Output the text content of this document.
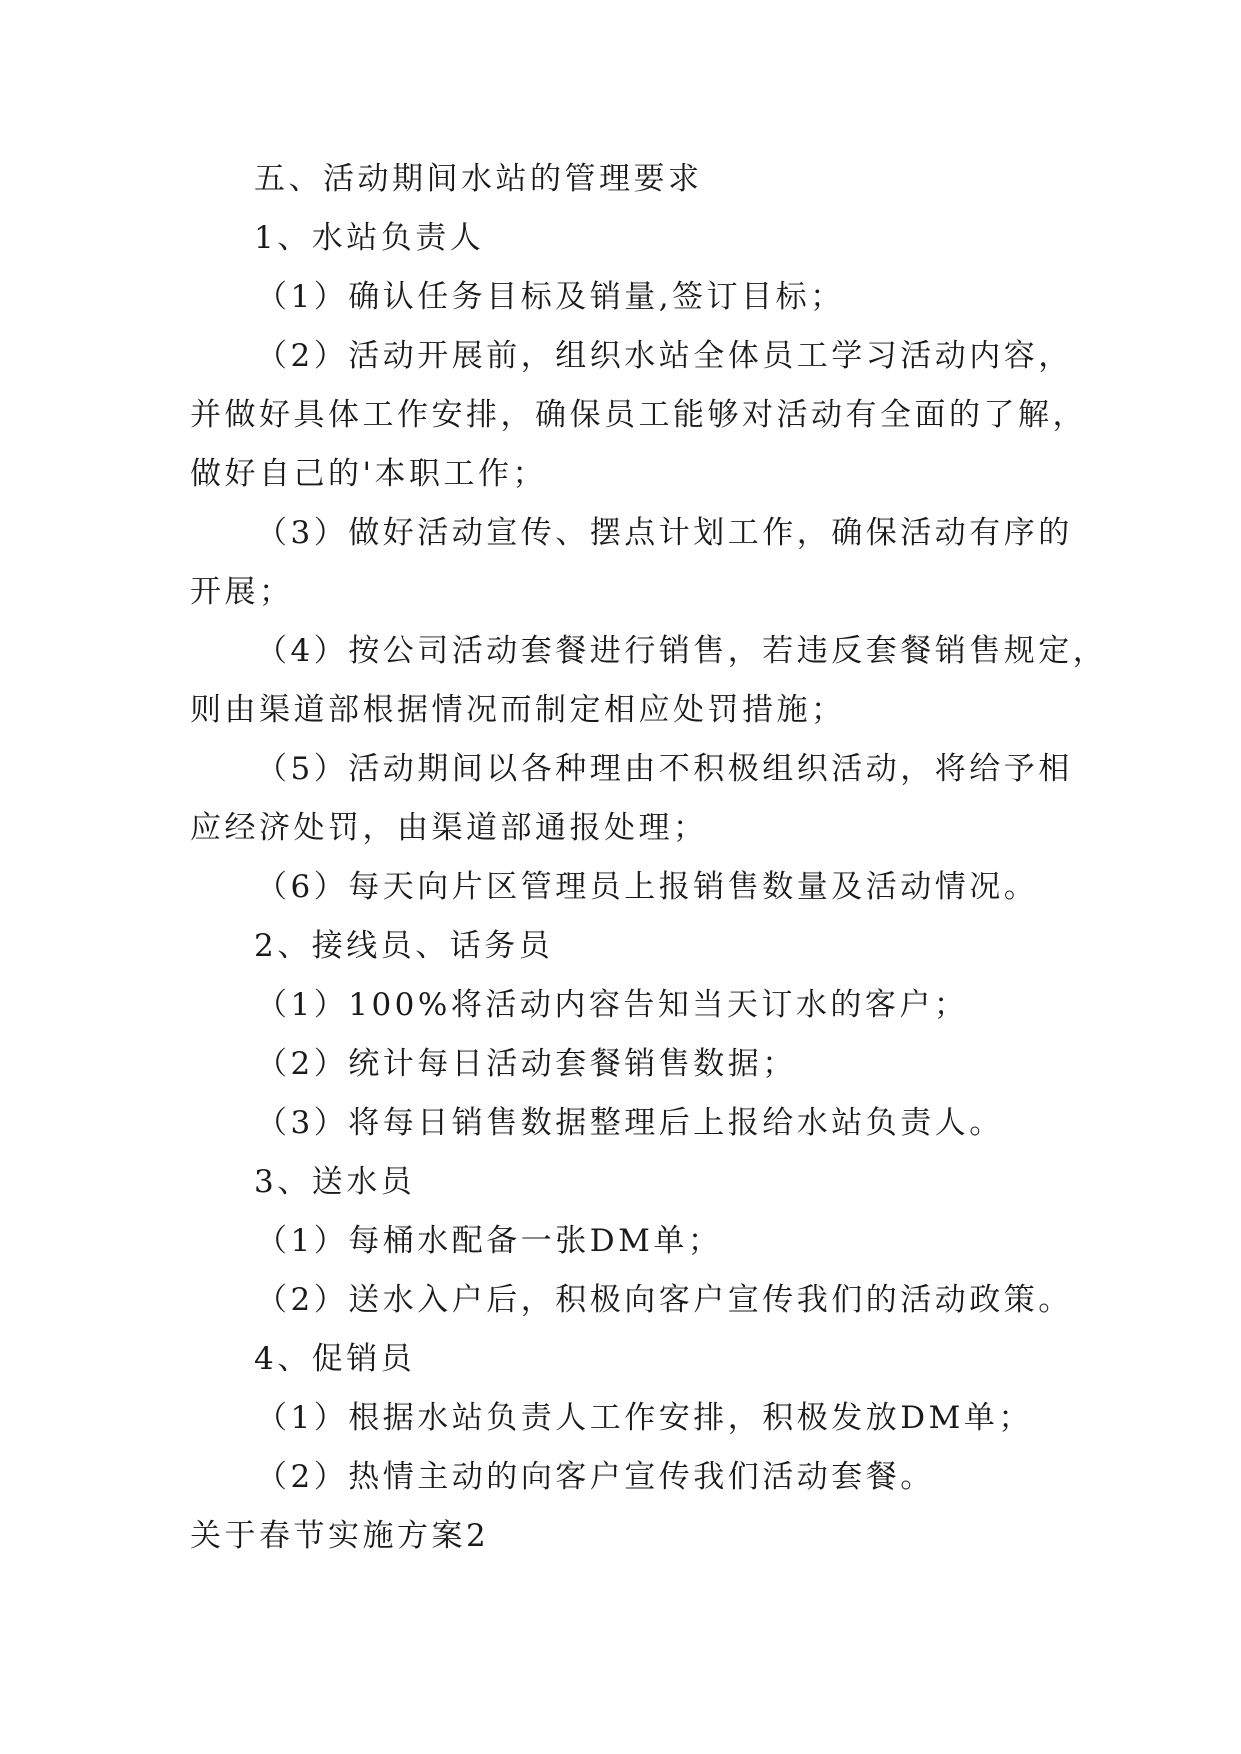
五、活动期间水站的管理要求
1、水站负责人
（1）确认任务目标及销量,签订目标；
（2）活动开展前，组织水站全体员工学习活动内容，
并做好具体工作安排，确保员工能够对活动有全面的了解，
做好自己的'本职工作；
（3）做好活动宣传、摆点计划工作，确保活动有序的
开展；
（4）按公司活动套餐进行销售，若违反套餐销售规定，
则由渠道部根据情况而制定相应处罚措施；
（5）活动期间以各种理由不积极组织活动，将给予相
应经济处罚，由渠道部通报处理；
（6）每天向片区管理员上报销售数量及活动情况。
2、接线员、话务员
（1）100%将活动内容告知当天订水的客户；
（2）统计每日活动套餐销售数据；
（3）将每日销售数据整理后上报给水站负责人。
3、送水员
（1）每桶水配备一张DM单；
（2）送水入户后，积极向客户宣传我们的活动政策。
4、促销员
（1）根据水站负责人工作安排，积极发放DM单；
（2）热情主动的向客户宣传我们活动套餐。
关于春节实施方案2
